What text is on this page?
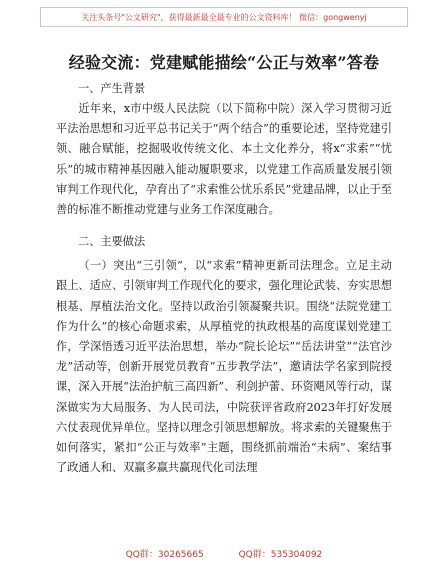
关注头条号"公文研究"，获得最新最全最专业的公文资料库！ 微信：gongwenyj
经验交流：党建赋能描绘“公正与效率”答卷

一、产生背景

近年来，x市中级人民法院（以下简称中院）深入学习贯彻习近平法治思想和习近平总书记关于“两个结合”的重要论述，坚持党建引领、融合赋能，挖掘吸收传统文化、本土文化养分，将x“求索”“忧乐”的城市精神基因融入能动履职要求，以党建工作高质量发展引领审判工作现代化，孕育出了“求索惟公忧乐系民”党建品牌，以止于至善的标准不断推动党建与业务工作深度融合。

二、主要做法

（一）突出“三引领”，以“求索”精神更新司法理念。立足主动跟上、适应、引领审判工作现代化的要求，强化理论武装、夯实思想根基、厚植法治文化。坚持以政治引领凝聚共识。围绕“法院党建工作为什么”的核心命题求索，从厚植党的执政根基的高度谋划党建工作，学深悟透习近平法治思想，举办“院长论坛”“岳法讲堂”“法官沙龙”活动等，创新开展党员教育“五步教学法”，邀请法学名家到院授课，深入开展“法治护航三高四新”、利剑护蕾、环资飓风等行动，谋深做实为大局服务、为人民司法，中院获评省政府2023年打好发展六仗表现优异单位。坚持以理念引领思想解放。将求索的关键聚焦于如何落实，紧扣“公正与效率”主题，围绕抓前端治“未病”、案结事了政通人和、双赢多赢共赢现代化司法理

QQ群：30265665	QQ群：535304092
